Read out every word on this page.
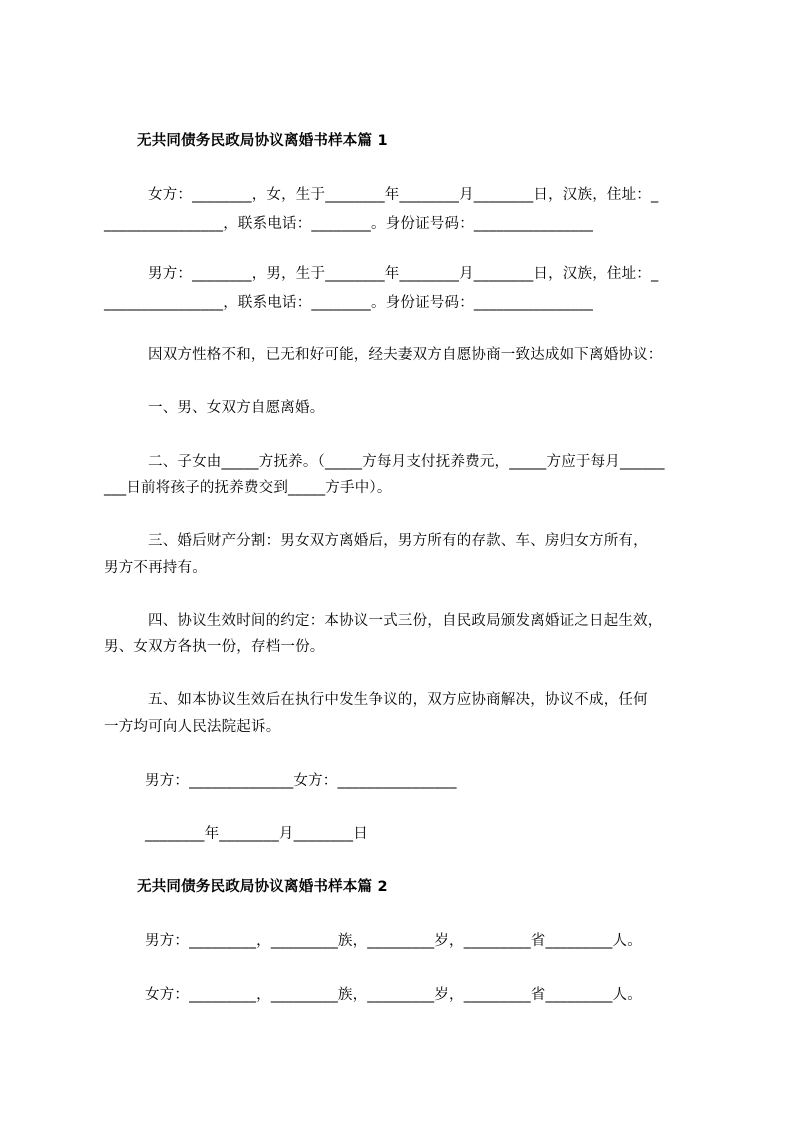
无共同债务民政局协议离婚书样本篇 1
女方：________，女，生于________年________月________日，汉族，住址：_
________________，联系电话：________。身份证号码：________________
男方：________，男，生于________年________月________日，汉族，住址：_
________________，联系电话：________。身份证号码：________________
因双方性格不和，已无和好可能，经夫妻双方自愿协商一致达成如下离婚协议：
一、男、女双方自愿离婚。
二、子女由_____方抚养。（_____方每月支付抚养费元，_____方应于每月______
___日前将孩子的抚养费交到_____方手中）。
三、婚后财产分割：男女双方离婚后，男方所有的存款、车、房归女方所有，
男方不再持有。
四、协议生效时间的约定：本协议一式三份，自民政局颁发离婚证之日起生效，
男、女双方各执一份，存档一份。
五、如本协议生效后在执行中发生争议的，双方应协商解决，协议不成，任何
一方均可向人民法院起诉。
男方：______________女方：________________
________年________月________日
无共同债务民政局协议离婚书样本篇 2
男方：_________，_________族，_________岁，_________省_________人。
女方：_________，_________族，_________岁，_________省_________人。
